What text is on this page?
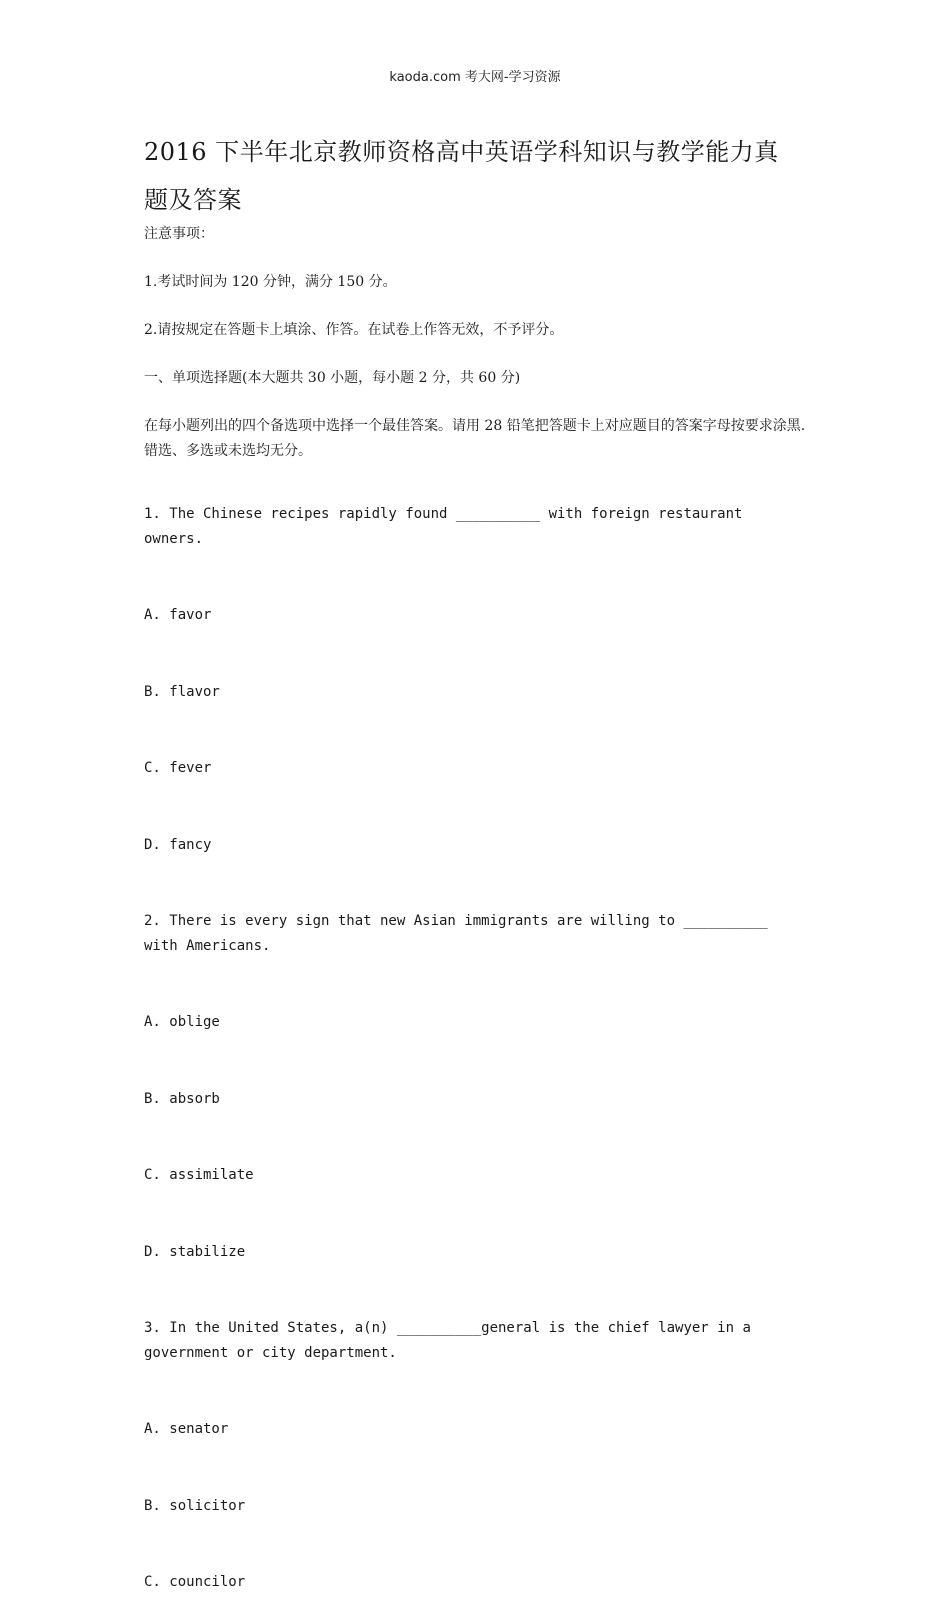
kaoda.com 考大网-学习资源
2016 下半年北京教师资格高中英语学科知识与教学能力真
题及答案

注意事项：

1.考试时间为 120 分钟，满分 150 分。

2.请按规定在答题卡上填涂、作答。在试卷上作答无效，不予评分。

一、单项选择题(本大题共 30 小题，每小题 2 分，共 60 分)

在每小题列出的四个备选项中选择一个最佳答案。请用 28 铅笔把答题卡上对应题目的答案字母按要求涂黑.错选、多选或未选均无分。

1. The Chinese recipes rapidly found __________ with foreign restaurant owners.

A. favor

B. flavor

C. fever

D. fancy

2. There is every sign that new Asian immigrants are willing to __________ with Americans.

A. oblige

B. absorb

C. assimilate

D. stabilize

3. In the United States, a(n) __________general is the chief lawyer in a government or city department.

A. senator

B. solicitor

C. councilor
